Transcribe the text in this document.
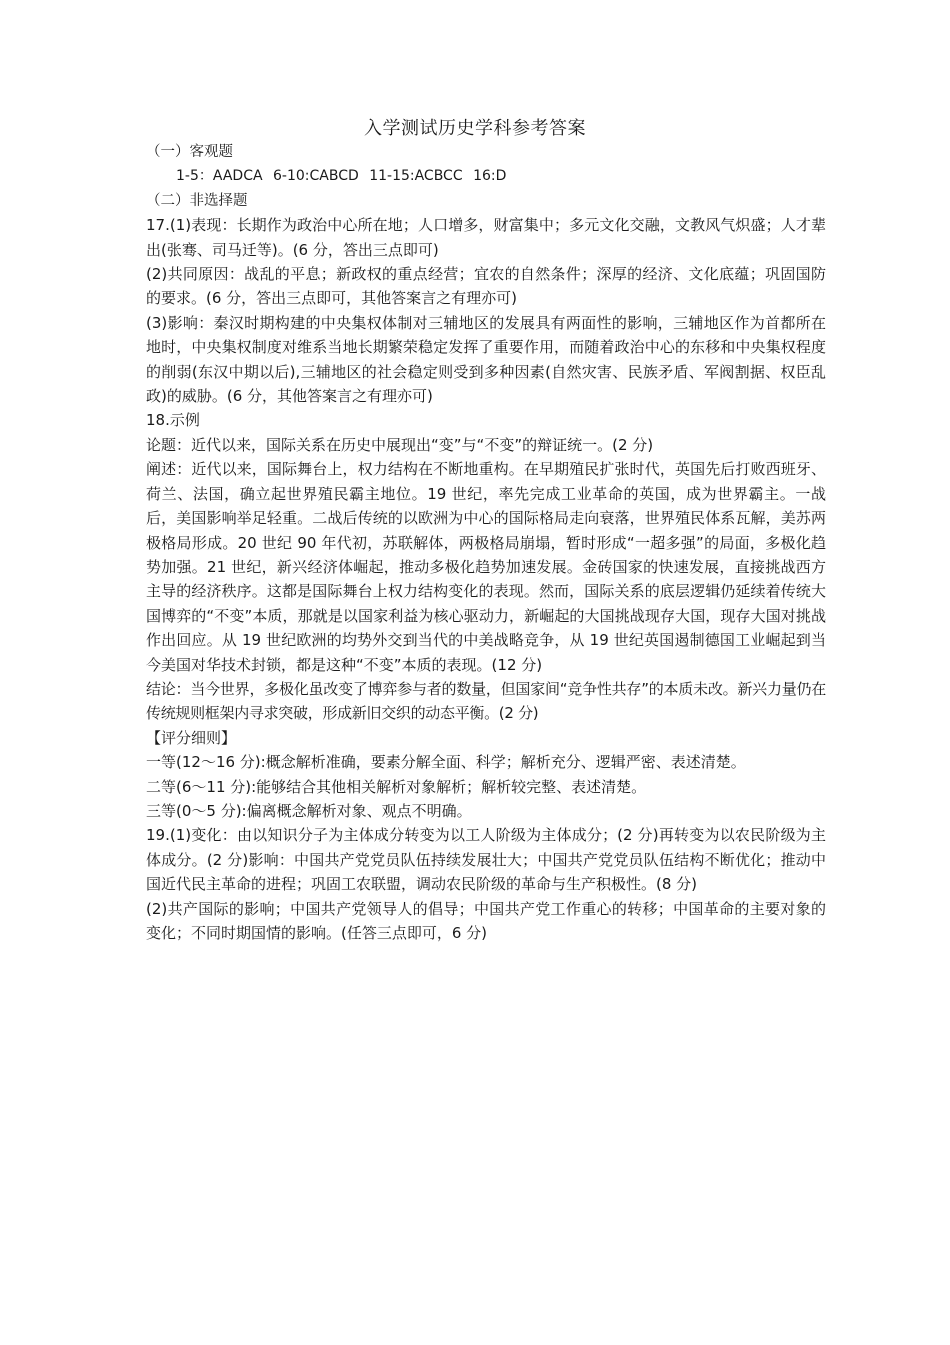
入学测试历史学科参考答案

（一）客观题

1-5：AADCA 6-10:CABCD 11-15:ACBCC 16:D

（二）非选择题

17.(1)表现：长期作为政治中心所在地；人口增多，财富集中；多元文化交融，文教风气炽盛；人才辈出(张骞、司马迁等)。(6 分，答出三点即可)

(2)共同原因：战乱的平息；新政权的重点经营；宜农的自然条件；深厚的经济、文化底蕴；巩固国防的要求。(6 分，答出三点即可，其他答案言之有理亦可)

(3)影响：秦汉时期构建的中央集权体制对三辅地区的发展具有两面性的影响，三辅地区作为首都所在地时，中央集权制度对维系当地长期繁荣稳定发挥了重要作用，而随着政治中心的东移和中央集权程度的削弱(东汉中期以后),三辅地区的社会稳定则受到多种因素(自然灾害、民族矛盾、军阀割据、权臣乱政)的威胁。(6 分，其他答案言之有理亦可)

18.示例

论题：近代以来，国际关系在历史中展现出“变”与“不变”的辩证统一。(2 分)

阐述：近代以来，国际舞台上，权力结构在不断地重构。在早期殖民扩张时代，英国先后打败西班牙、荷兰、法国，确立起世界殖民霸主地位。19 世纪，率先完成工业革命的英国，成为世界霸主。一战后，美国影响举足轻重。二战后传统的以欧洲为中心的国际格局走向衰落，世界殖民体系瓦解，美苏两极格局形成。20 世纪 90 年代初，苏联解体，两极格局崩塌，暂时形成“一超多强”的局面，多极化趋势加强。21 世纪，新兴经济体崛起，推动多极化趋势加速发展。金砖国家的快速发展，直接挑战西方主导的经济秩序。这都是国际舞台上权力结构变化的表现。然而，国际关系的底层逻辑仍延续着传统大国博弈的“不变”本质，那就是以国家利益为核心驱动力，新崛起的大国挑战现存大国，现存大国对挑战作出回应。从 19 世纪欧洲的均势外交到当代的中美战略竞争，从 19 世纪英国遏制德国工业崛起到当今美国对华技术封锁，都是这种“不变”本质的表现。(12 分)

结论：当今世界，多极化虽改变了博弈参与者的数量，但国家间“竞争性共存”的本质未改。新兴力量仍在传统规则框架内寻求突破，形成新旧交织的动态平衡。(2 分)

【评分细则】

一等(12～16 分):概念解析准确，要素分解全面、科学；解析充分、逻辑严密、表述清楚。

二等(6～11 分):能够结合其他相关解析对象解析；解析较完整、表述清楚。

三等(0～5 分):偏离概念解析对象、观点不明确。

19.(1)变化：由以知识分子为主体成分转变为以工人阶级为主体成分；(2 分)再转变为以农民阶级为主体成分。(2 分)影响：中国共产党党员队伍持续发展壮大；中国共产党党员队伍结构不断优化；推动中国近代民主革命的进程；巩固工农联盟，调动农民阶级的革命与生产积极性。(8 分)

(2)共产国际的影响；中国共产党领导人的倡导；中国共产党工作重心的转移；中国革命的主要对象的变化；不同时期国情的影响。(任答三点即可，6 分)
